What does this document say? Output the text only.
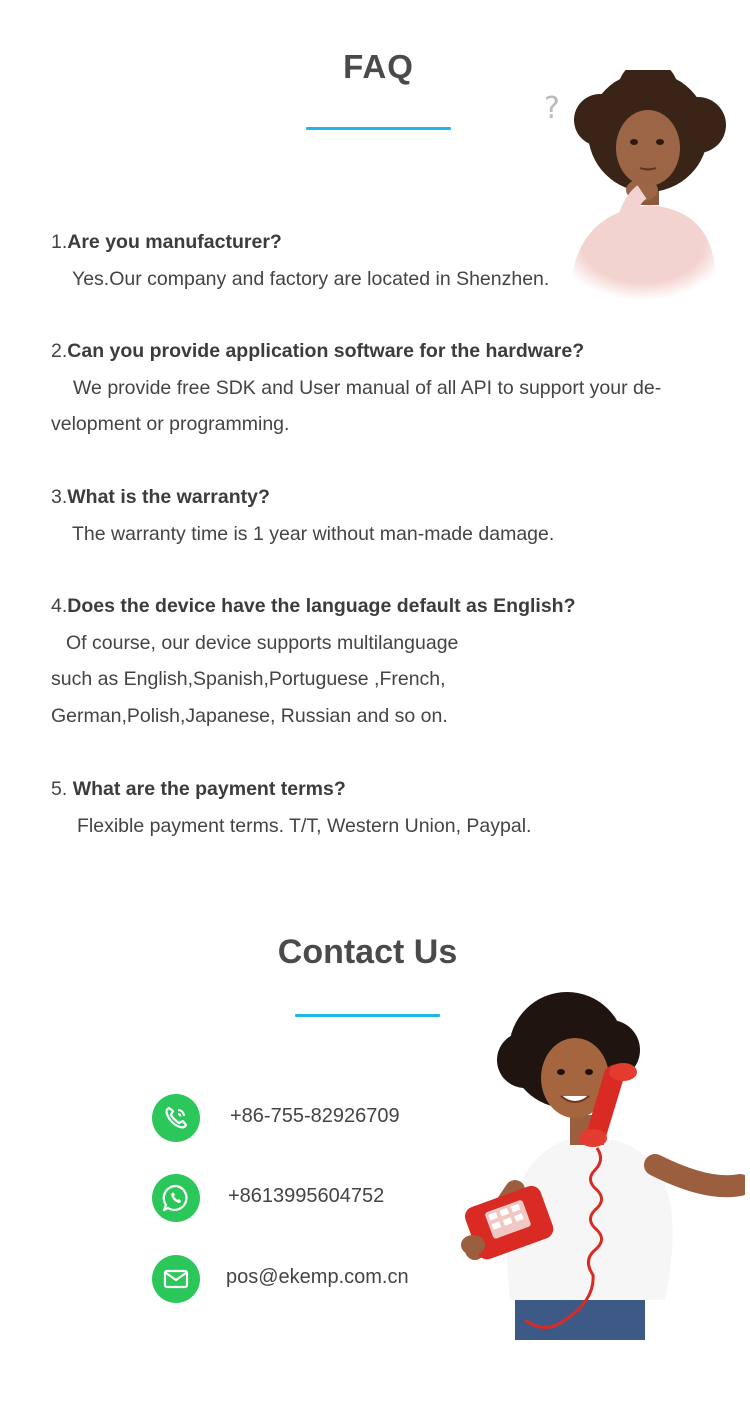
FAQ
?
1.Are you manufacturer?
Yes.Our company and factory are located in Shenzhen.
2.Can you provide application software for the hardware?
We provide free SDK and User manual of all API to support your de-
velopment or programming.
3.What is the warranty?
The warranty time is 1 year without man-made damage.
4.Does the device have the language default as English?
Of course, our device supports multilanguage
such as English,Spanish,Portuguese ,French,
German,Polish,Japanese, Russian and so on.
5. What are the payment terms?
Flexible payment terms. T/T, Western Union, Paypal.
Contact Us
+86-755-82926709
+8613995604752
pos@ekemp.com.cn
